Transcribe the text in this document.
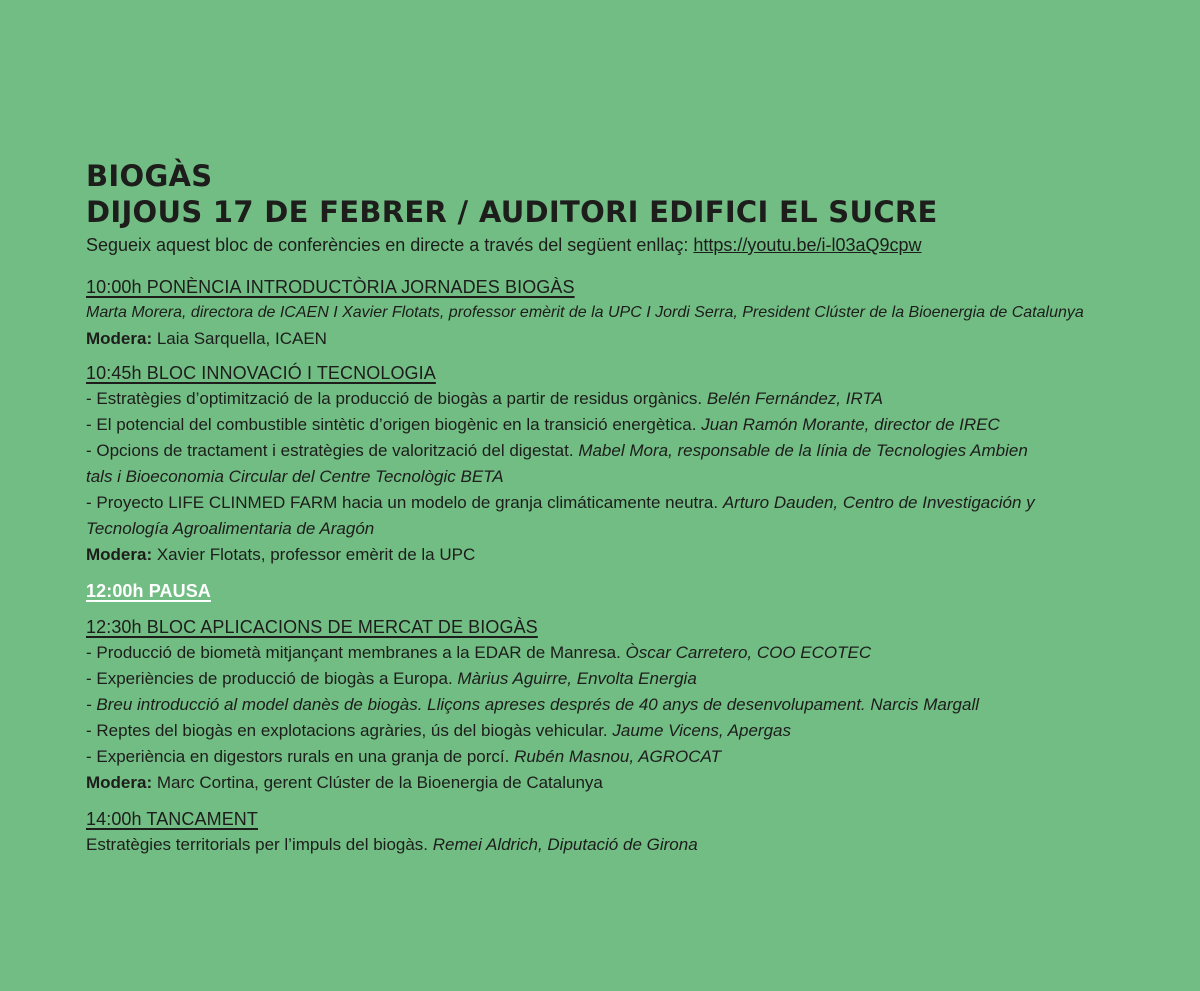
BIOGÀS
DIJOUS 17 DE FEBRER / AUDITORI EDIFICI EL SUCRE

Segueix aquest bloc de conferències en directe a través del següent enllaç: https://youtu.be/i-l03aQ9cpw

10:00h PONÈNCIA INTRODUCTÒRIA JORNADES BIOGÀS

Marta Morera, directora de ICAEN I Xavier Flotats, professor emèrit de la UPC I Jordi Serra, President Clúster de la Bioenergia de Catalunya

Modera: Laia Sarquella, ICAEN

10:45h BLOC INNOVACIÓ I TECNOLOGIA

- Estratègies d’optimització de la producció de biogàs a partir de residus orgànics. Belén Fernández, IRTA

- El potencial del combustible sintètic d’origen biogènic en la transició energètica. Juan Ramón Morante, director de IREC

- Opcions de tractament i estratègies de valorització del digestat. Mabel Mora, responsable de la línia de Tecnologies Ambien
tals i Bioeconomia Circular del Centre Tecnològic BETA

- Proyecto LIFE CLINMED FARM hacia un modelo de granja climáticamente neutra. Arturo Dauden, Centro de Investigación y
Tecnología Agroalimentaria de Aragón

Modera: Xavier Flotats, professor emèrit de la UPC

12:00h PAUSA

12:30h BLOC APLICACIONS DE MERCAT DE BIOGÀS

- Producció de biometà mitjançant membranes a la EDAR de Manresa. Òscar Carretero, COO ECOTEC

- Experiències de producció de biogàs a Europa. Màrius Aguirre, Envolta Energia

- Breu introducció al model danès de biogàs. Lliçons apreses després de 40 anys de desenvolupament. Narcis Margall

- Reptes del biogàs en explotacions agràries, ús del biogàs vehicular. Jaume Vicens, Apergas

- Experiència en digestors rurals en una granja de porcí. Rubén Masnou, AGROCAT

Modera: Marc Cortina, gerent Clúster de la Bioenergia de Catalunya

14:00h TANCAMENT

Estratègies territorials per l’impuls del biogàs. Remei Aldrich, Diputació de Girona
